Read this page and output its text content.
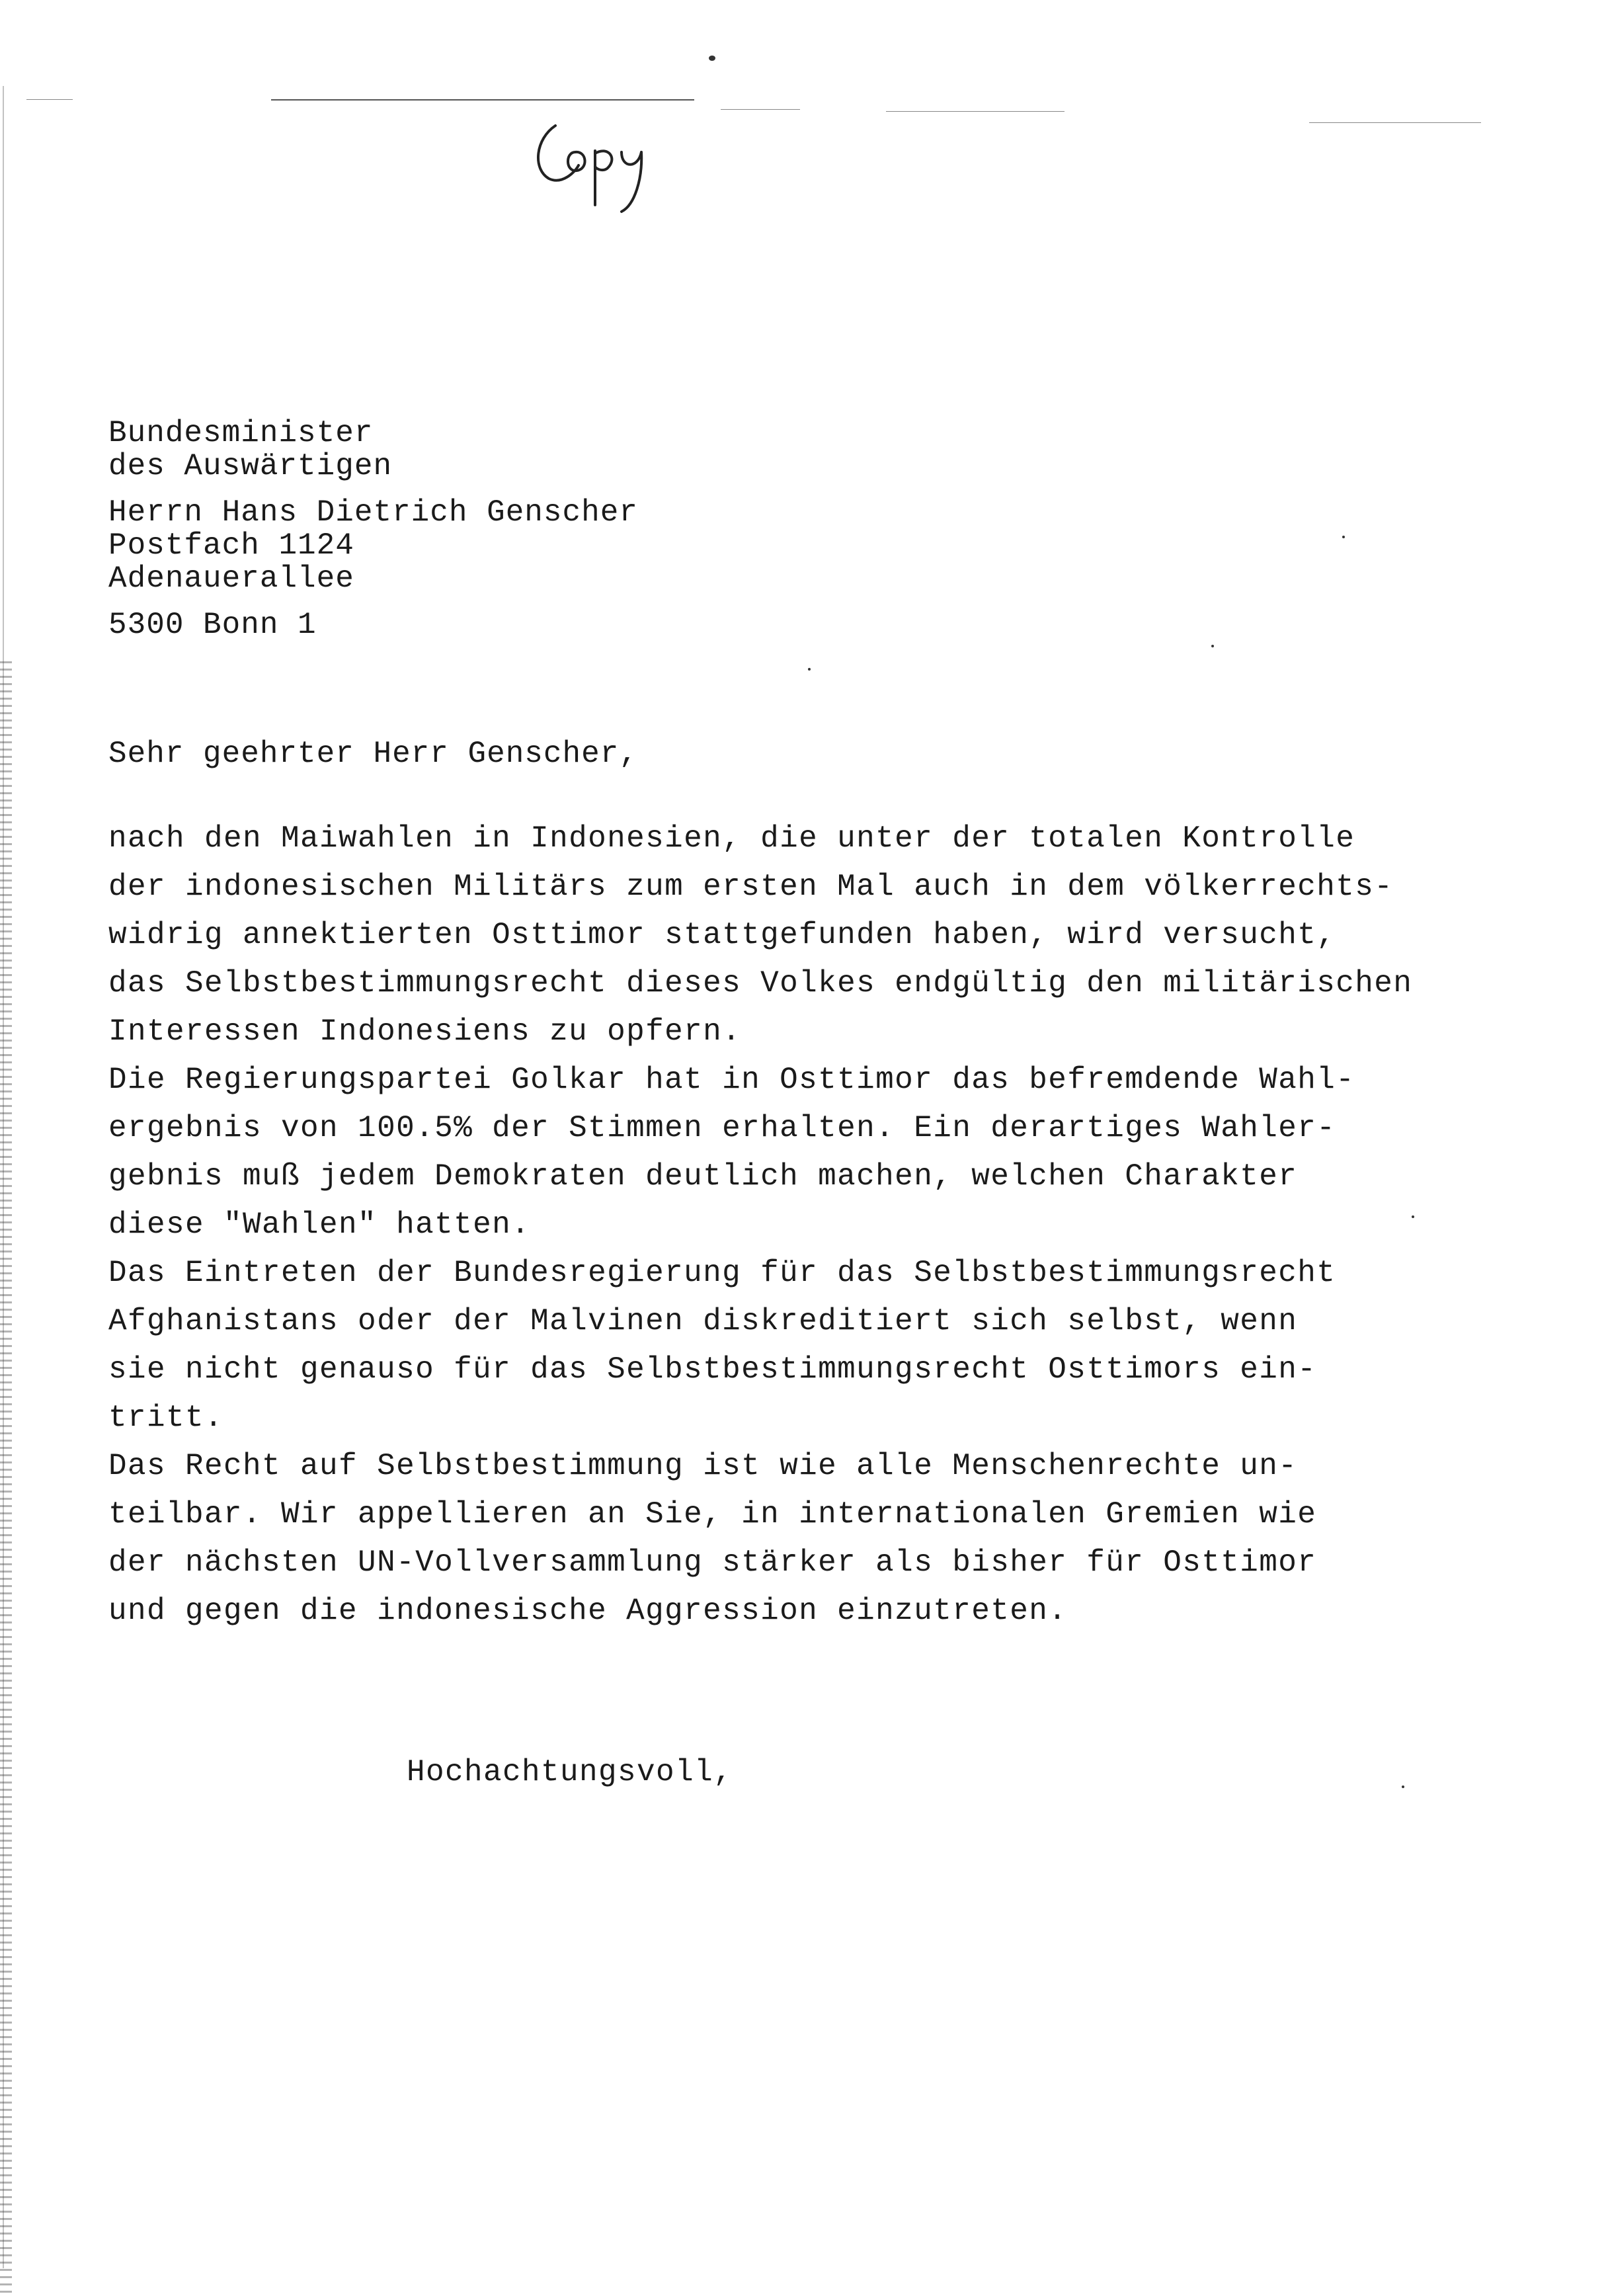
Bundesminister
des Auswärtigen
Herrn Hans Dietrich Genscher
Postfach 1124
Adenauerallee
5300 Bonn 1
Sehr geehrter Herr Genscher,
nach den Maiwahlen in Indonesien, die unter der totalen Kontrolle
der indonesischen Militärs zum ersten Mal auch in dem völkerrechts-
widrig annektierten Osttimor stattgefunden haben, wird versucht,
das Selbstbestimmungsrecht dieses Volkes endgültig den militärischen
Interessen Indonesiens zu opfern.
Die Regierungspartei Golkar hat in Osttimor das befremdende Wahl-
ergebnis von 100.5% der Stimmen erhalten. Ein derartiges Wahler-
gebnis muß jedem Demokraten deutlich machen, welchen Charakter
diese "Wahlen" hatten.
Das Eintreten der Bundesregierung für das Selbstbestimmungsrecht
Afghanistans oder der Malvinen diskreditiert sich selbst, wenn
sie nicht genauso für das Selbstbestimmungsrecht Osttimors ein-
tritt.
Das Recht auf Selbstbestimmung ist wie alle Menschenrechte un-
teilbar. Wir appellieren an Sie, in internationalen Gremien wie
der nächsten UN-Vollversammlung stärker als bisher für Osttimor
und gegen die indonesische Aggression einzutreten.
Hochachtungsvoll,
